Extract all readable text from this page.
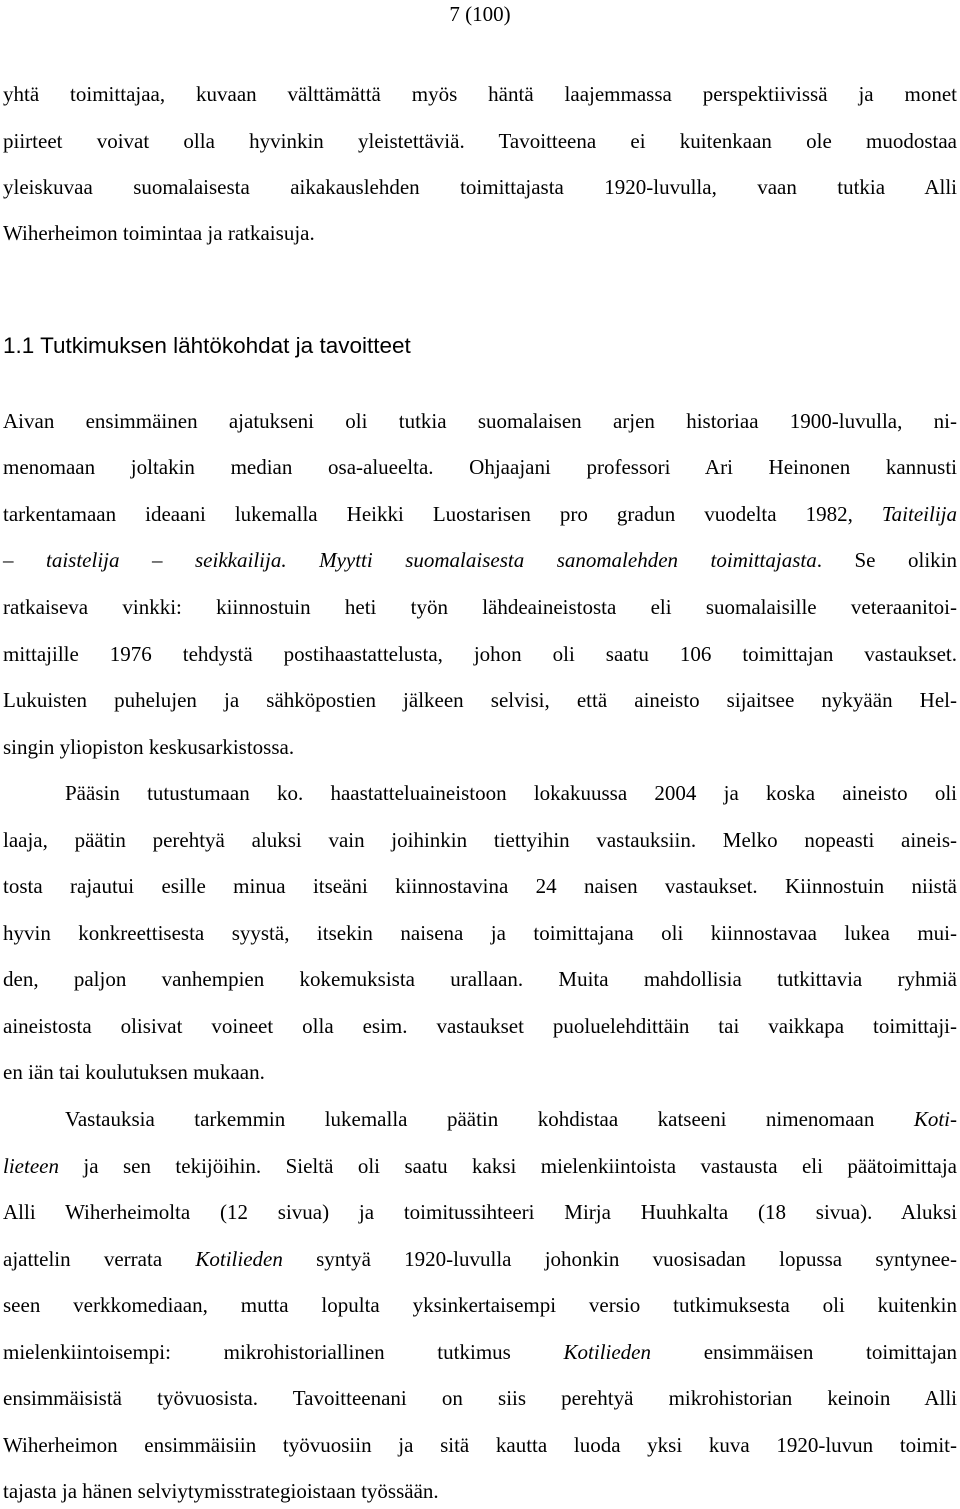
7 (100)
yhtä toimittajaa, kuvaan välttämättä myös häntä laajemmassa perspektiivissä ja monet
piirteet voivat olla hyvinkin yleistettäviä. Tavoitteena ei kuitenkaan ole muodostaa
yleiskuvaa suomalaisesta aikakauslehden toimittajasta 1920-luvulla, vaan tutkia Alli
Wiherheimon toimintaa ja ratkaisuja.
1.1 Tutkimuksen lähtökohdat ja tavoitteet
Aivan ensimmäinen ajatukseni oli tutkia suomalaisen arjen historiaa 1900-luvulla, ni-
menomaan joltakin median osa-alueelta. Ohjaajani professori Ari Heinonen kannusti
tarkentamaan ideaani lukemalla Heikki Luostarisen pro gradun vuodelta 1982, Taiteilija
– taistelija – seikkailija. Myytti suomalaisesta sanomalehden toimittajasta. Se olikin
ratkaiseva vinkki: kiinnostuin heti työn lähdeaineistosta eli suomalaisille veteraanitoi-
mittajille 1976 tehdystä postihaastattelusta, johon oli saatu 106 toimittajan vastaukset.
Lukuisten puhelujen ja sähköpostien jälkeen selvisi, että aineisto sijaitsee nykyään Hel-
singin yliopiston keskusarkistossa.
Pääsin tutustumaan ko. haastatteluaineistoon lokakuussa 2004 ja koska aineisto oli
laaja, päätin perehtyä aluksi vain joihinkin tiettyihin vastauksiin. Melko nopeasti aineis-
tosta rajautui esille minua itseäni kiinnostavina 24 naisen vastaukset. Kiinnostuin niistä
hyvin konkreettisesta syystä, itsekin naisena ja toimittajana oli kiinnostavaa lukea mui-
den, paljon vanhempien kokemuksista urallaan. Muita mahdollisia tutkittavia ryhmiä
aineistosta olisivat voineet olla esim. vastaukset puoluelehdittäin tai vaikkapa toimittaji-
en iän tai koulutuksen mukaan.
Vastauksia tarkemmin lukemalla päätin kohdistaa katseeni nimenomaan Koti-
lieteen ja sen tekijöihin. Sieltä oli saatu kaksi mielenkiintoista vastausta eli päätoimittaja
Alli Wiherheimolta (12 sivua) ja toimitussihteeri Mirja Huuhkalta (18 sivua). Aluksi
ajattelin verrata Kotilieden syntyä 1920-luvulla johonkin vuosisadan lopussa syntynee-
seen verkkomediaan, mutta lopulta yksinkertaisempi versio tutkimuksesta oli kuitenkin
mielenkiintoisempi: mikrohistoriallinen tutkimus	Kotilieden	ensimmäisen toimittajan
ensimmäisistä työvuosista. Tavoitteenani on siis perehtyä mikrohistorian keinoin Alli
Wiherheimon ensimmäisiin työvuosiin ja sitä kautta luoda yksi kuva 1920-luvun toimit-
tajasta ja hänen selviytymisstrategioistaan työssään.
